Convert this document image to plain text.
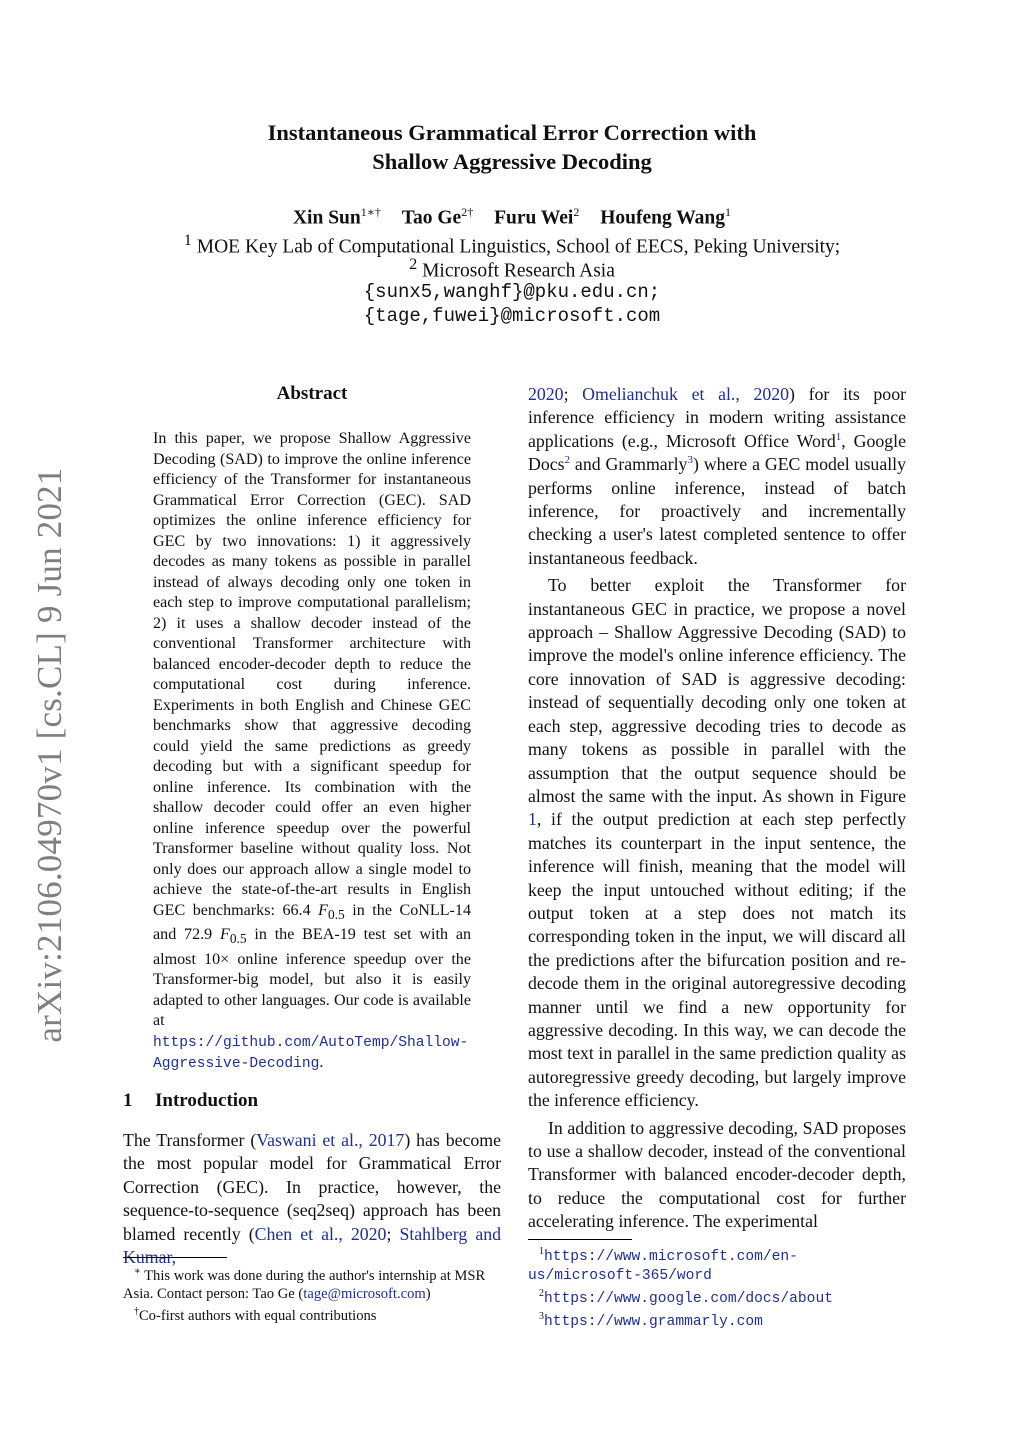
arXiv:2106.04970v1 [cs.CL] 9 Jun 2021
Instantaneous Grammatical Error Correction with
Shallow Aggressive Decoding
Xin Sun$^{1∗\dagger}$ Tao $Ge^{2\dagger}$ Furu Wei$^2$ Houfeng Wang$^1$
$^1$ MOE Key Lab of Computational Linguistics, School of EECS, Peking University;
$^2$ Microsoft Research Asia
{sunx5,wanghf}@pku.edu.cn;
{tage,fuwei}@microsoft.com
Abstract
In this paper, we propose Shallow Aggressive Decoding (SAD) to improve the online inference efficiency of the Transformer for instantaneous Grammatical Error Correction (GEC). SAD optimizes the online inference efficiency for GEC by two innovations: 1) it aggressively decodes as many tokens as possible in parallel instead of always decoding only one token in each step to improve computational parallelism; 2) it uses a shallow decoder instead of the conventional Transformer architecture with balanced encoder-decoder depth to reduce the computational cost during inference. Experiments in both English and Chinese GEC benchmarks show that aggressive decoding could yield the same predictions as greedy decoding but with a significant speedup for online inference. Its combination with the shallow decoder could offer an even higher online inference speedup over the powerful Transformer baseline without quality loss. Not only does our approach allow a single model to achieve the state-of-the-art results in English GEC benchmarks: 66.4 $F_{0.5}$ in the CoNLL-14 and 72.9 $F_{0.5}$ in the BEA-19 test set with an almost 10× online inference speedup over the Transformer-big model, but also it is easily adapted to other languages. Our code is available at https://github.com/AutoTemp/Shallow-Aggressive-Decoding.
1 Introduction
The Transformer (Vaswani et al., 2017) has become the most popular model for Grammatical Error Correction (GEC). In practice, however, the sequence-to-sequence (seq2seq) approach has been blamed recently (Chen et al., 2020; Stahlberg and Kumar,

∗ This work was done during the author's internship at MSR Asia. Contact person: Tao Ge (tage@microsoft.com)

†Co-first authors with equal contributions

2020; Omelianchuk et al., 2020) for its poor inference efficiency in modern writing assistance applications (e.g., Microsoft Office Word$^1$, Google Docs$^2$ and Grammarly$^3$) where a GEC model usually performs online inference, instead of batch inference, for proactively and incrementally checking a user's latest completed sentence to offer instantaneous feedback.

To better exploit the Transformer for instantaneous GEC in practice, we propose a novel approach – Shallow Aggressive Decoding (SAD) to improve the model's online inference efficiency. The core innovation of SAD is aggressive decoding: instead of sequentially decoding only one token at each step, aggressive decoding tries to decode as many tokens as possible in parallel with the assumption that the output sequence should be almost the same with the input. As shown in Figure 1, if the output prediction at each step perfectly matches its counterpart in the input sentence, the inference will finish, meaning that the model will keep the input untouched without editing; if the output token at a step does not match its corresponding token in the input, we will discard all the predictions after the bifurcation position and re-decode them in the original autoregressive decoding manner until we find a new opportunity for aggressive decoding. In this way, we can decode the most text in parallel in the same prediction quality as autoregressive greedy decoding, but largely improve the inference efficiency.

In addition to aggressive decoding, SAD proposes to use a shallow decoder, instead of the conventional Transformer with balanced encoder-decoder depth, to reduce the computational cost for further accelerating inference. The experimental

$^1$https://www.microsoft.com/en-us/microsoft-365/word

$^2$https://www.google.com/docs/about

$^3$https://www.grammarly.com
